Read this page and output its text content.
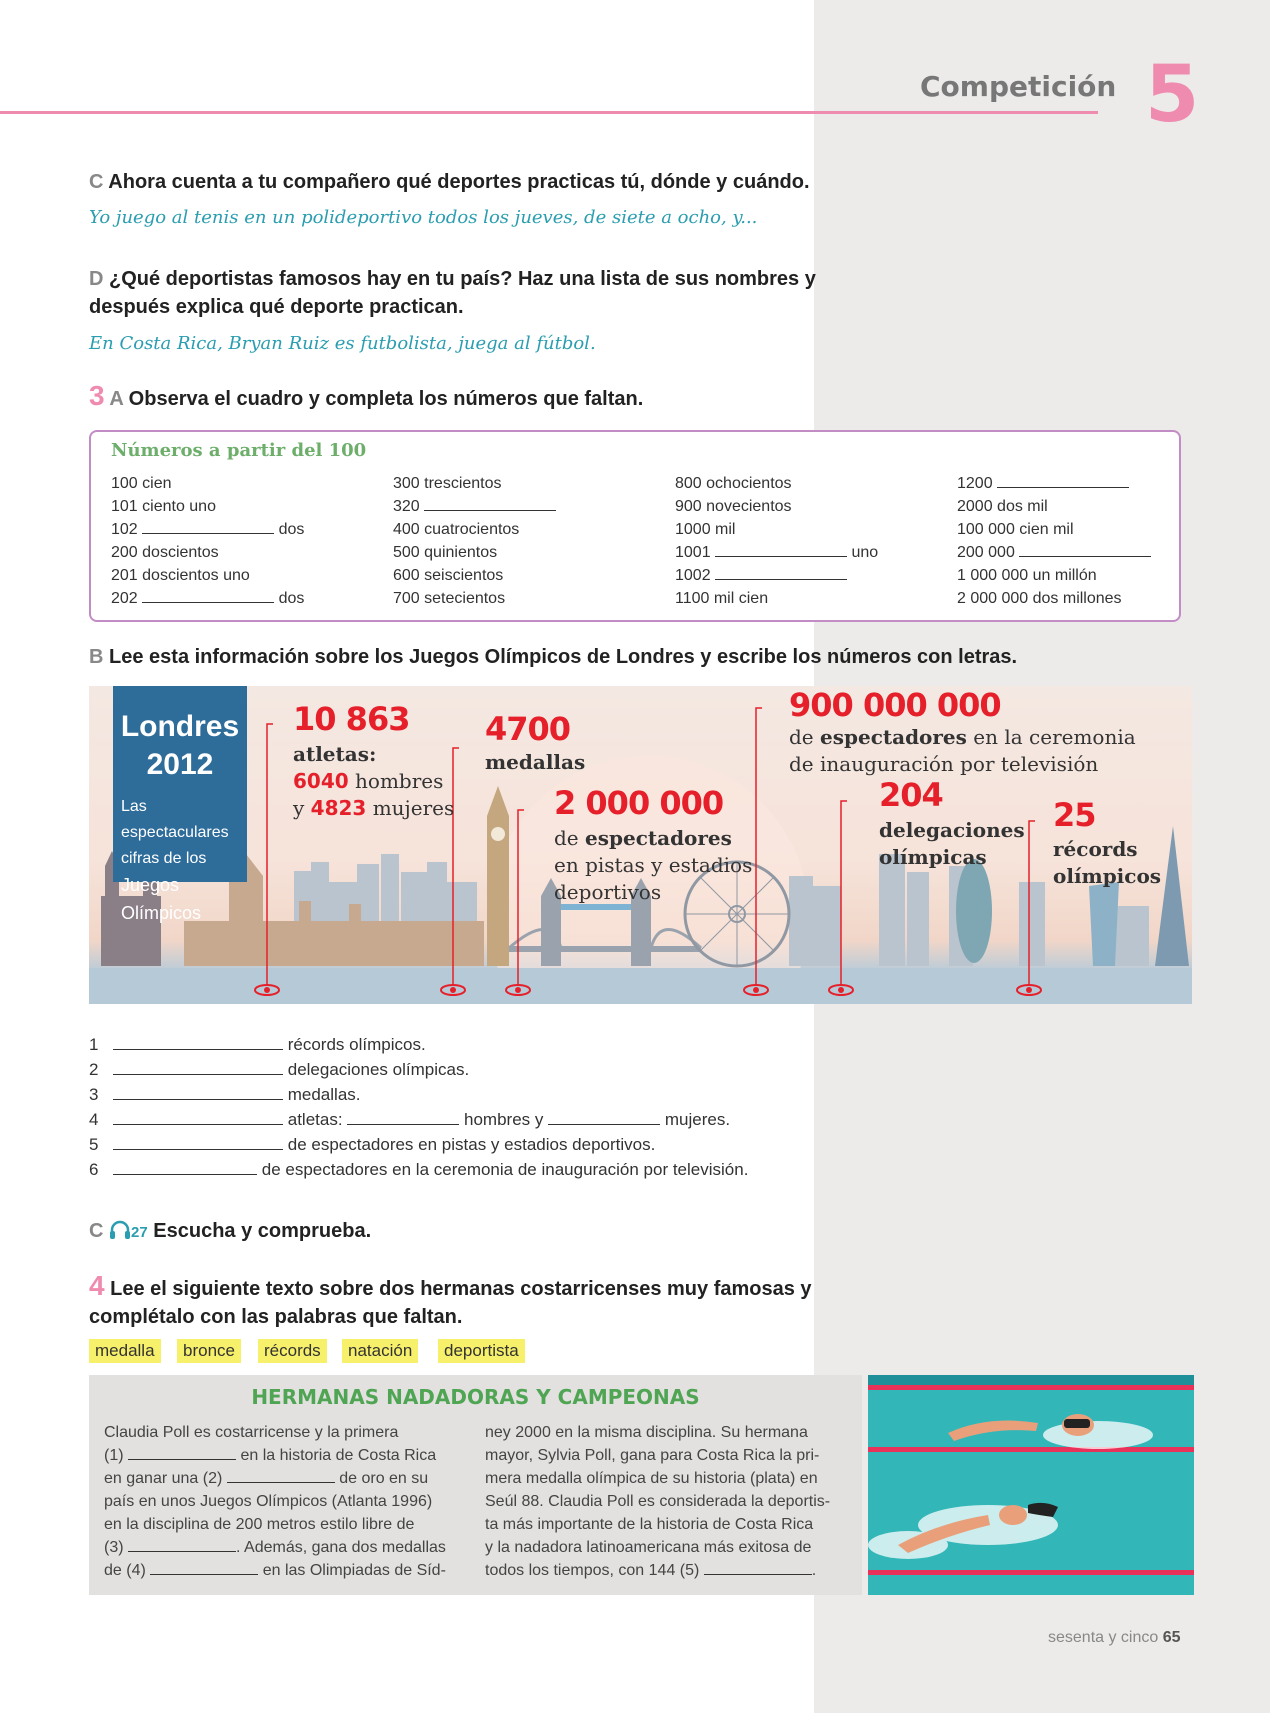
Competición 5
C Ahora cuenta a tu compañero qué deportes practicas tú, dónde y cuándo.
Yo juego al tenis en un polideportivo todos los jueves, de siete a ocho, y...
D ¿Qué deportistas famosos hay en tu país? Haz una lista de sus nombres y
después explica qué deporte practican.
En Costa Rica, Bryan Ruiz es futbolista, juega al fútbol.
3 A Observa el cuadro y completa los números que faltan.
Números a partir del 100
100 cien
101 ciento uno
102	dos
200 doscientos
201 doscientos uno
202	dos
300 trescientos
320
400 cuatrocientos
500 quinientos
600 seiscientos
700 setecientos
800 ochocientos
900 novecientos
1000 mil
1001	uno
1002
1100 mil cien
1200
2000 dos mil
100 000 cien mil
200 000
1 000 000 un millón
2 000 000 dos millones
B Lee esta información sobre los Juegos Olímpicos de Londres y escribe los números con letras.
Londres
2012
Las espectaculares
cifras de los
Juegos Olímpicos
10 863
atletas:
6040 hombres
y 4823 mujeres
4700
medallas
2 000 000
de espectadores
en pistas y estadios
deportivos
900 000 000
de espectadores en la ceremonia
de inauguración por televisión
204
delegaciones
olímpicas
25
récords
olímpicos
1	récords olímpicos.
2	delegaciones olímpicas.
3	medallas.
4	atletas:	hombres y	mujeres.
5	de espectadores en pistas y estadios deportivos.
6	de espectadores en la ceremonia de inauguración por televisión.
C 27 Escucha y comprueba.
4 Lee el siguiente texto sobre dos hermanas costarricenses muy famosas y
complétalo con las palabras que faltan.
medalla	bronce	récords	natación	deportista
HERMANAS NADADORAS Y CAMPEONAS
Claudia Poll es costarricense y la primera
(1)	en la historia de Costa Rica
en ganar una (2)	de oro en su
país en unos Juegos Olímpicos (Atlanta 1996)
en la disciplina de 200 metros estilo libre de
(3)	. Además, gana dos medallas
de (4)	en las Olimpiadas de Síd-
ney 2000 en la misma disciplina. Su hermana
mayor, Sylvia Poll, gana para Costa Rica la pri-
mera medalla olímpica de su historia (plata) en
Seúl 88. Claudia Poll es considerada la deportis-
ta más importante de la historia de Costa Rica
y la nadadora latinoamericana más exitosa de
todos los tiempos, con 144 (5)	.
sesenta y cinco 65
